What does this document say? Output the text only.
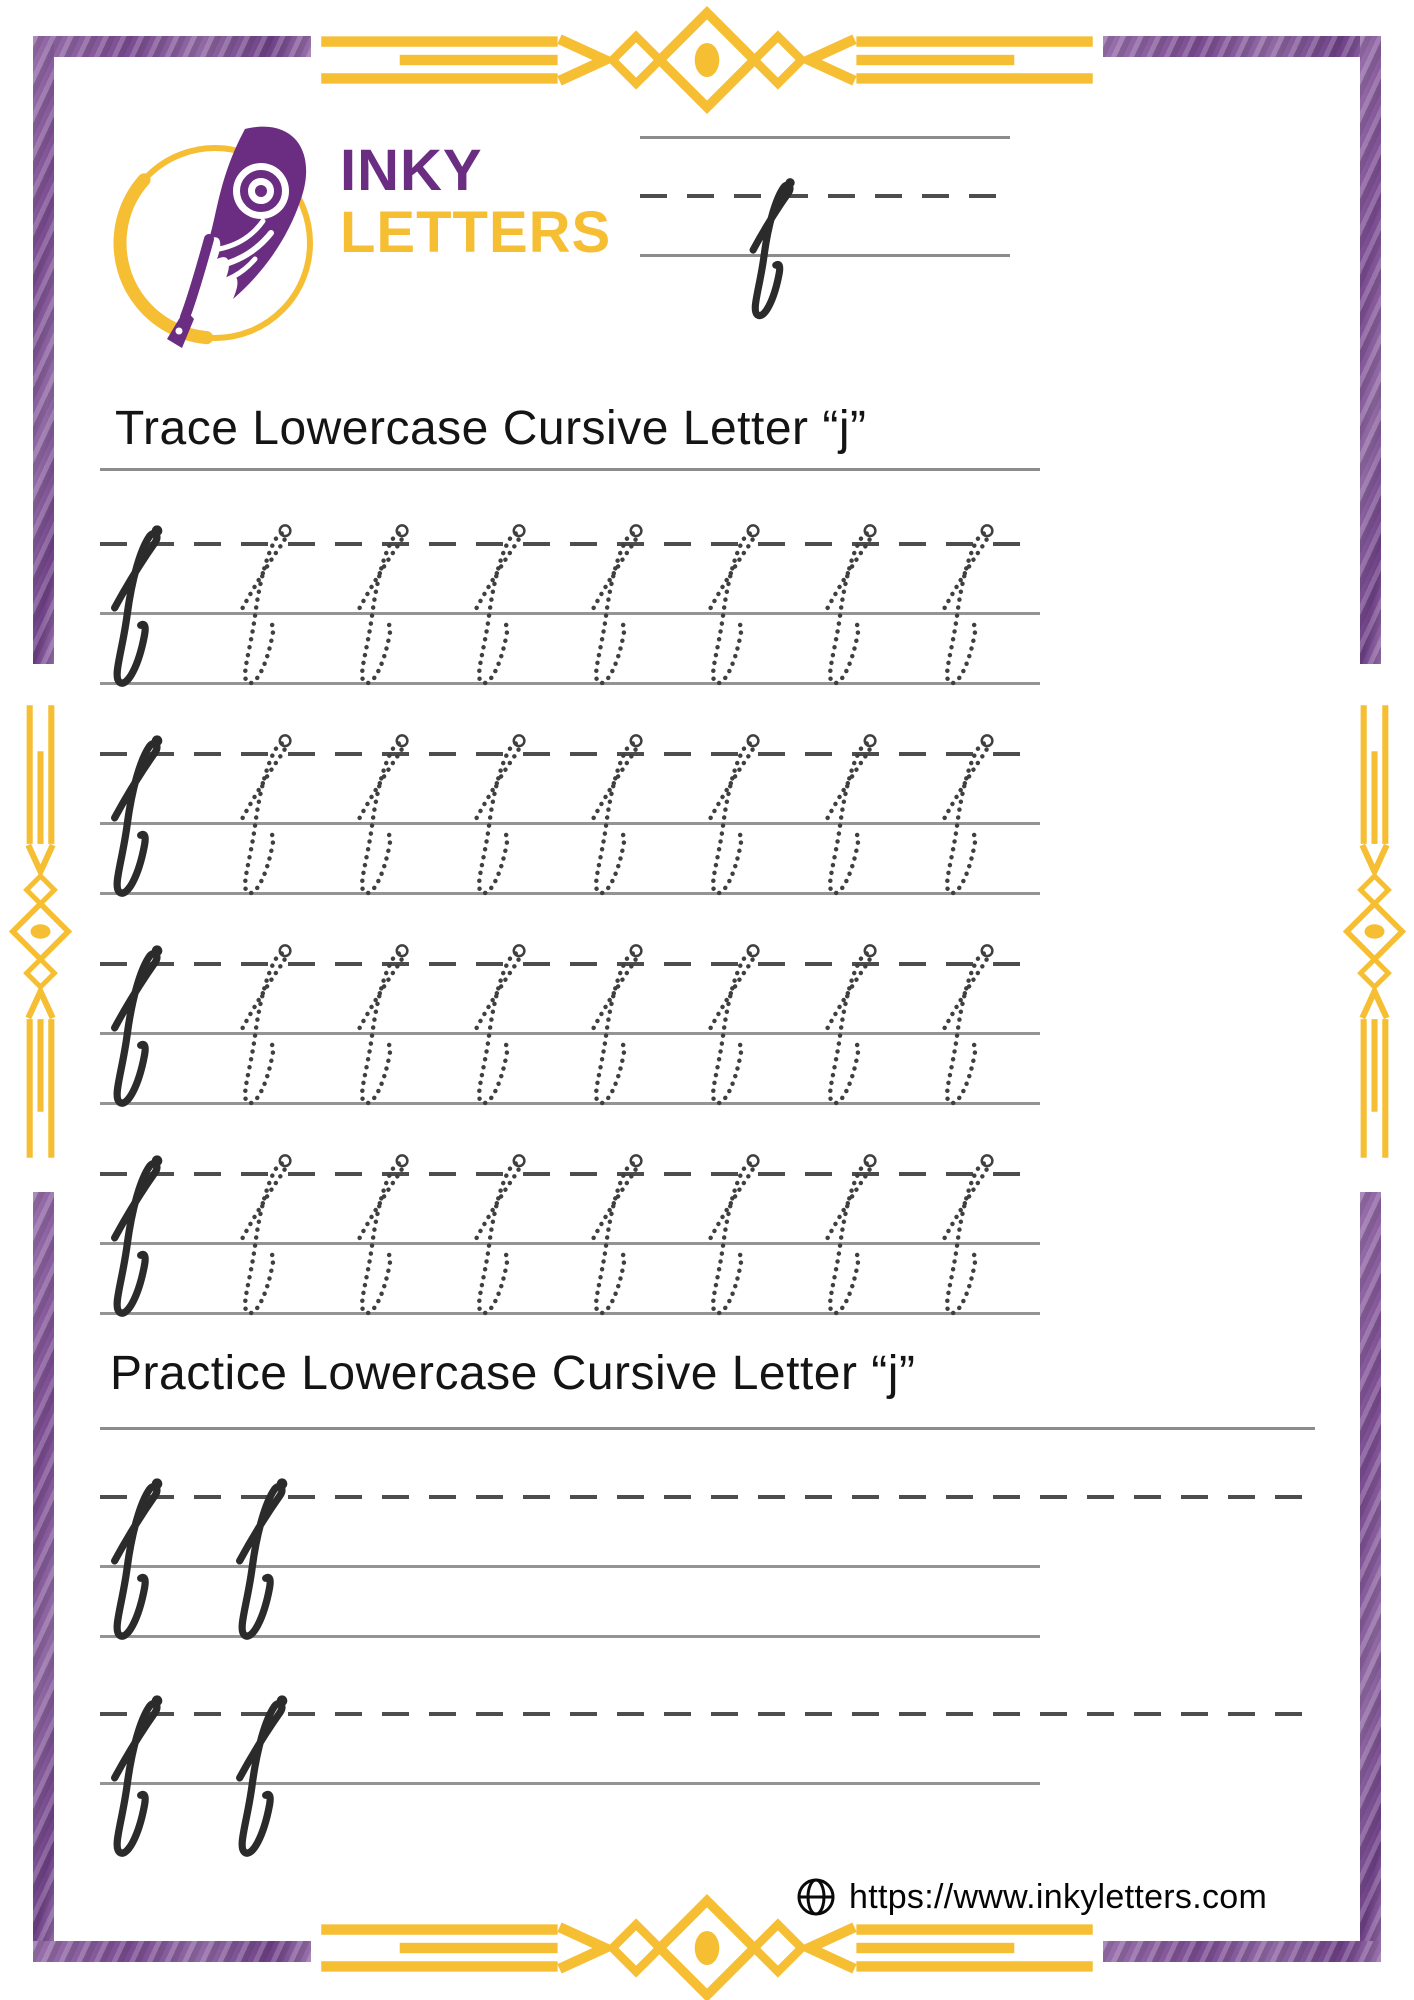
INKY
LETTERS
Trace Lowercase Cursive Letter “j”
Practice Lowercase Cursive Letter “j”
https://www.inkyletters.com
